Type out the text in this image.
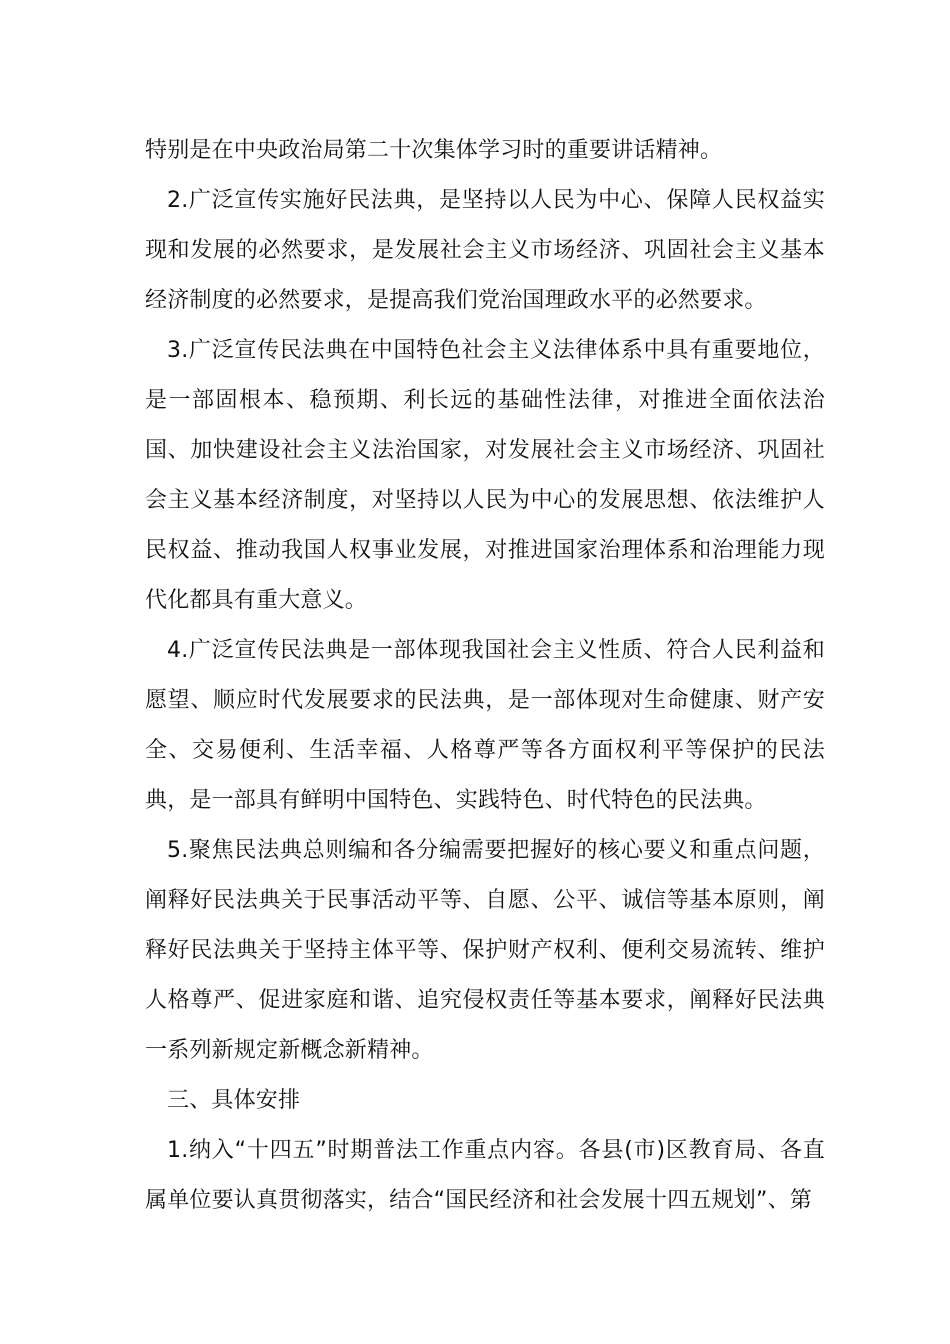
特别是在中央政治局第二十次集体学习时的重要讲话精神。

2.广泛宣传实施好民法典，是坚持以人民为中心、保障人民权益实现和发展的必然要求，是发展社会主义市场经济、巩固社会主义基本经济制度的必然要求，是提高我们党治国理政水平的必然要求。

3.广泛宣传民法典在中国特色社会主义法律体系中具有重要地位，是一部固根本、稳预期、利长远的基础性法律，对推进全面依法治国、加快建设社会主义法治国家，对发展社会主义市场经济、巩固社会主义基本经济制度，对坚持以人民为中心的发展思想、依法维护人民权益、推动我国人权事业发展，对推进国家治理体系和治理能力现代化都具有重大意义。

4.广泛宣传民法典是一部体现我国社会主义性质、符合人民利益和愿望、顺应时代发展要求的民法典，是一部体现对生命健康、财产安全、交易便利、生活幸福、人格尊严等各方面权利平等保护的民法典，是一部具有鲜明中国特色、实践特色、时代特色的民法典。

5.聚焦民法典总则编和各分编需要把握好的核心要义和重点问题，阐释好民法典关于民事活动平等、自愿、公平、诚信等基本原则，阐释好民法典关于坚持主体平等、保护财产权利、便利交易流转、维护人格尊严、促进家庭和谐、追究侵权责任等基本要求，阐释好民法典一系列新规定新概念新精神。

三、具体安排

1.纳入“十四五”时期普法工作重点内容。各县(市)区教育局、各直属单位要认真贯彻落实，结合“国民经济和社会发展十四五规划”、第
